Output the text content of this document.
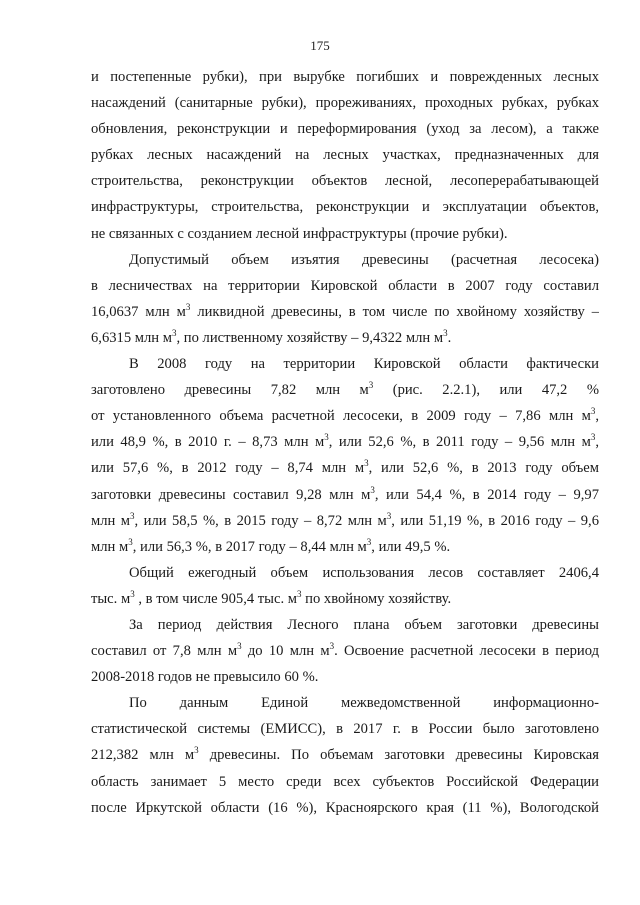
175
и постепенные рубки), при вырубке погибших и поврежденных лесных
насаждений (санитарные рубки), прореживаниях, проходных рубках, рубках
обновления, реконструкции и переформирования (уход за лесом), а также
рубках лесных насаждений на лесных участках, предназначенных для
строительства, реконструкции объектов лесной, лесоперерабатывающей
инфраструктуры, строительства, реконструкции и эксплуатации объектов,
не связанных с созданием лесной инфраструктуры (прочие рубки).
Допустимый объем изъятия древесины (расчетная лесосека)
в лесничествах на территории Кировской области в 2007 году составил
16,0637 млн $м^3$ ликвидной древесины, в том числе по хвойному хозяйству –
6,6315 млн $м^3$, по лиственному хозяйству – 9,4322 млн $м^3$.
В 2008 году на территории Кировской области фактически
заготовлено древесины 7,82 млн $м^3$ (рис. 2.2.1), или 47,2 %
от установленного объема расчетной лесосеки, в 2009 году – 7,86 млн $м^3$,
или 48,9 %, в 2010 г. – 8,73 млн $м^3$, или 52,6 %, в 2011 году – 9,56 млн $м^3$,
или 57,6 %, в 2012 году – 8,74 млн $м^3$, или 52,6 %, в 2013 году объем
заготовки древесины составил 9,28 млн $м^3$, или 54,4 %, в 2014 году – 9,97
млн $м^3$, или 58,5 %, в 2015 году – 8,72 млн $м^3$, или 51,19 %, в 2016 году – 9,6
млн $м^3$, или 56,3 %, в 2017 году – 8,44 млн $м^3$, или 49,5 %.
Общий ежегодный объем использования лесов составляет 2406,4
тыс. $м^3$ , в том числе 905,4 тыс. $м^3$ по хвойному хозяйству.
За период действия Лесного плана объем заготовки древесины
составил от 7,8 млн $м^3$ до 10 млн $м^3$. Освоение расчетной лесосеки в период
2008-2018 годов не превысило 60 %.
По данным Единой межведомственной информационно-
статистической системы (ЕМИСС), в 2017 г. в России было заготовлено
212,382 млн $м^3$ древесины. По объемам заготовки древесины Кировская
область занимает 5 место среди всех субъектов Российской Федерации
после Иркутской области (16 %), Красноярского края (11 %), Вологодской
